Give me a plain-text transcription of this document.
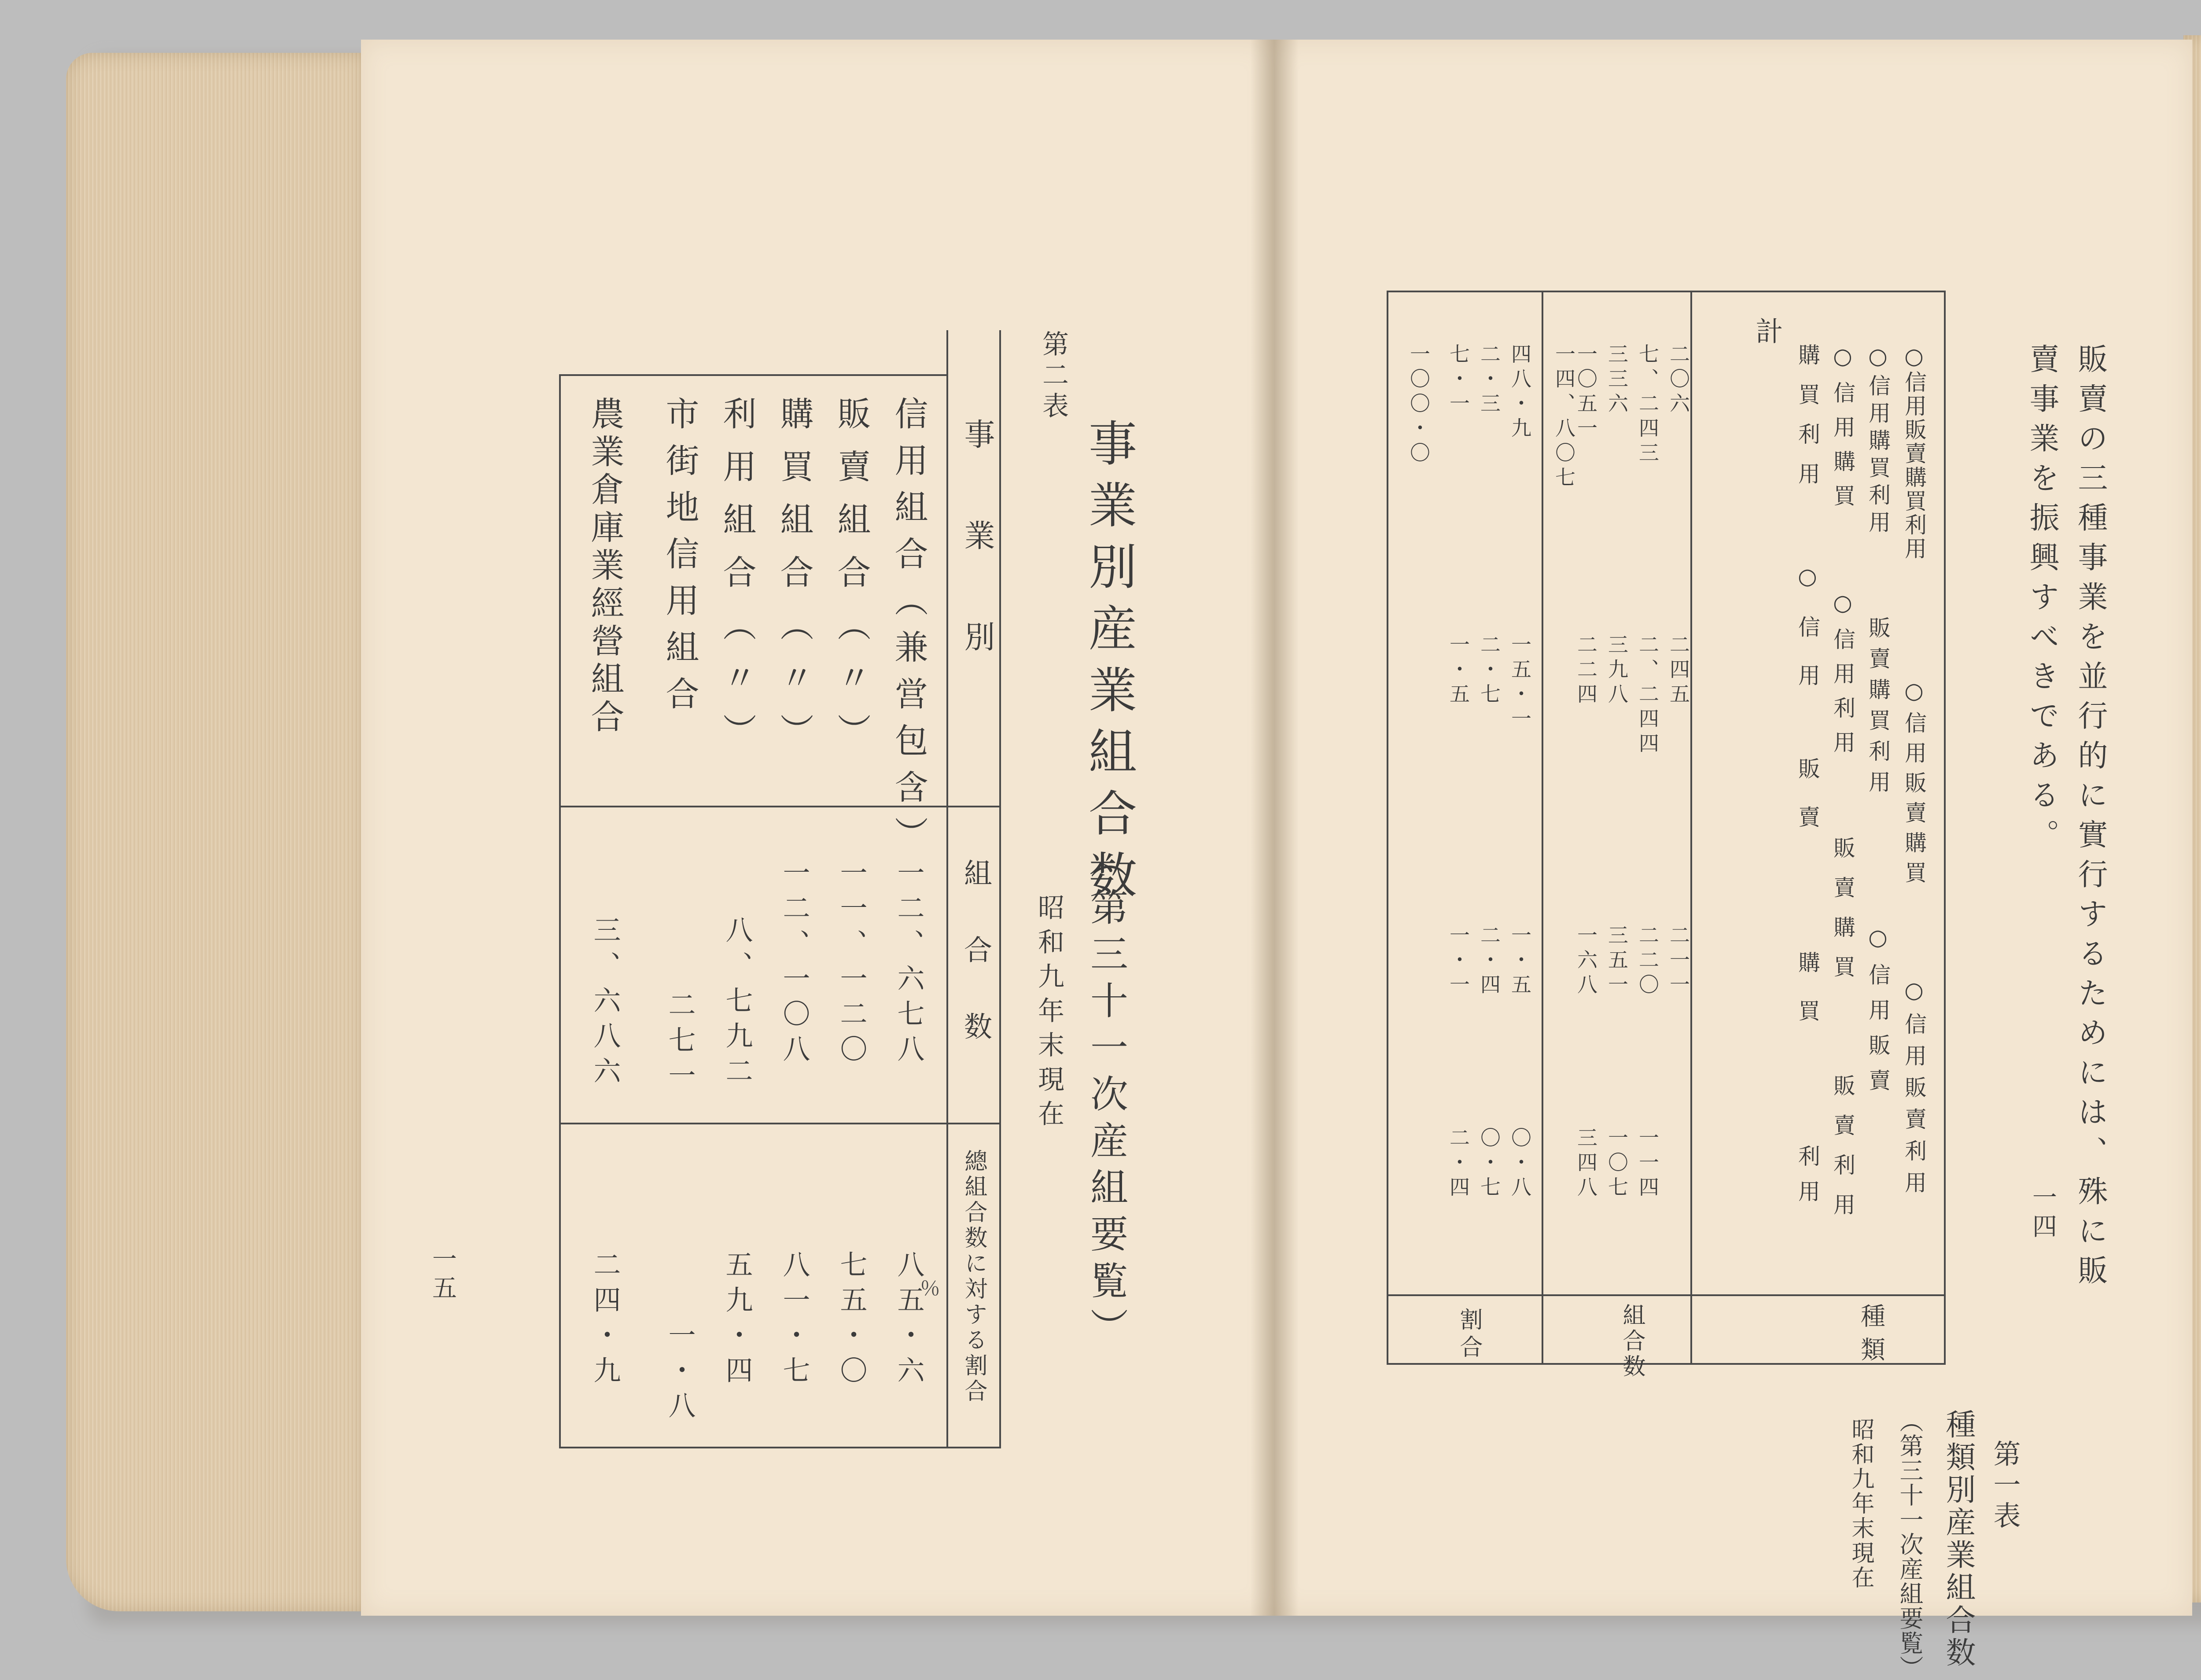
第二表
事業別産業組合数
（第三十一次産組要覧）
昭和九年末現在
事業別
組合数
總組合数に対する割合
信用組合（兼営包含）
販賣組合（〃）
購買組合（〃）
利用組合（〃）
市街地信用組合
農業倉庫業經營組合
一二、六七八
一一、一二〇
一二、一〇八
八、七九二
二七一
三、六八六
八五・六
七五・〇
八一・七
五九・四
一・八
二四・九	％
一五	販賣の三種事業を並行的に實行するためには、殊に販
賣事業を振興すべきである。
一四
第一表
種類別産業組合数
（第三十一次産組要覧）
昭和九年末現在
種類
組合数
割合
○信用販賣購買利用
○信用販賣購買
○信用販賣利用
○信用購買利用
販賣購買利用
○信用販賣
○信用購買
○信用利用
販賣購買
販賣利用
購買利用
○信用
販賣
購買
利用
計
七、二四三
二、二四四
二二〇
三三六
三九八
三五一
一〇五一
二二四
一六八
一一四
一〇七
三四八
二〇六
二四五
二一一
一四、八〇七
四八・九
一五・一
一・五
二・三
二・七
二・四
七・一
一・五
一・一
〇・八
〇・七
二・四
一〇〇・〇
